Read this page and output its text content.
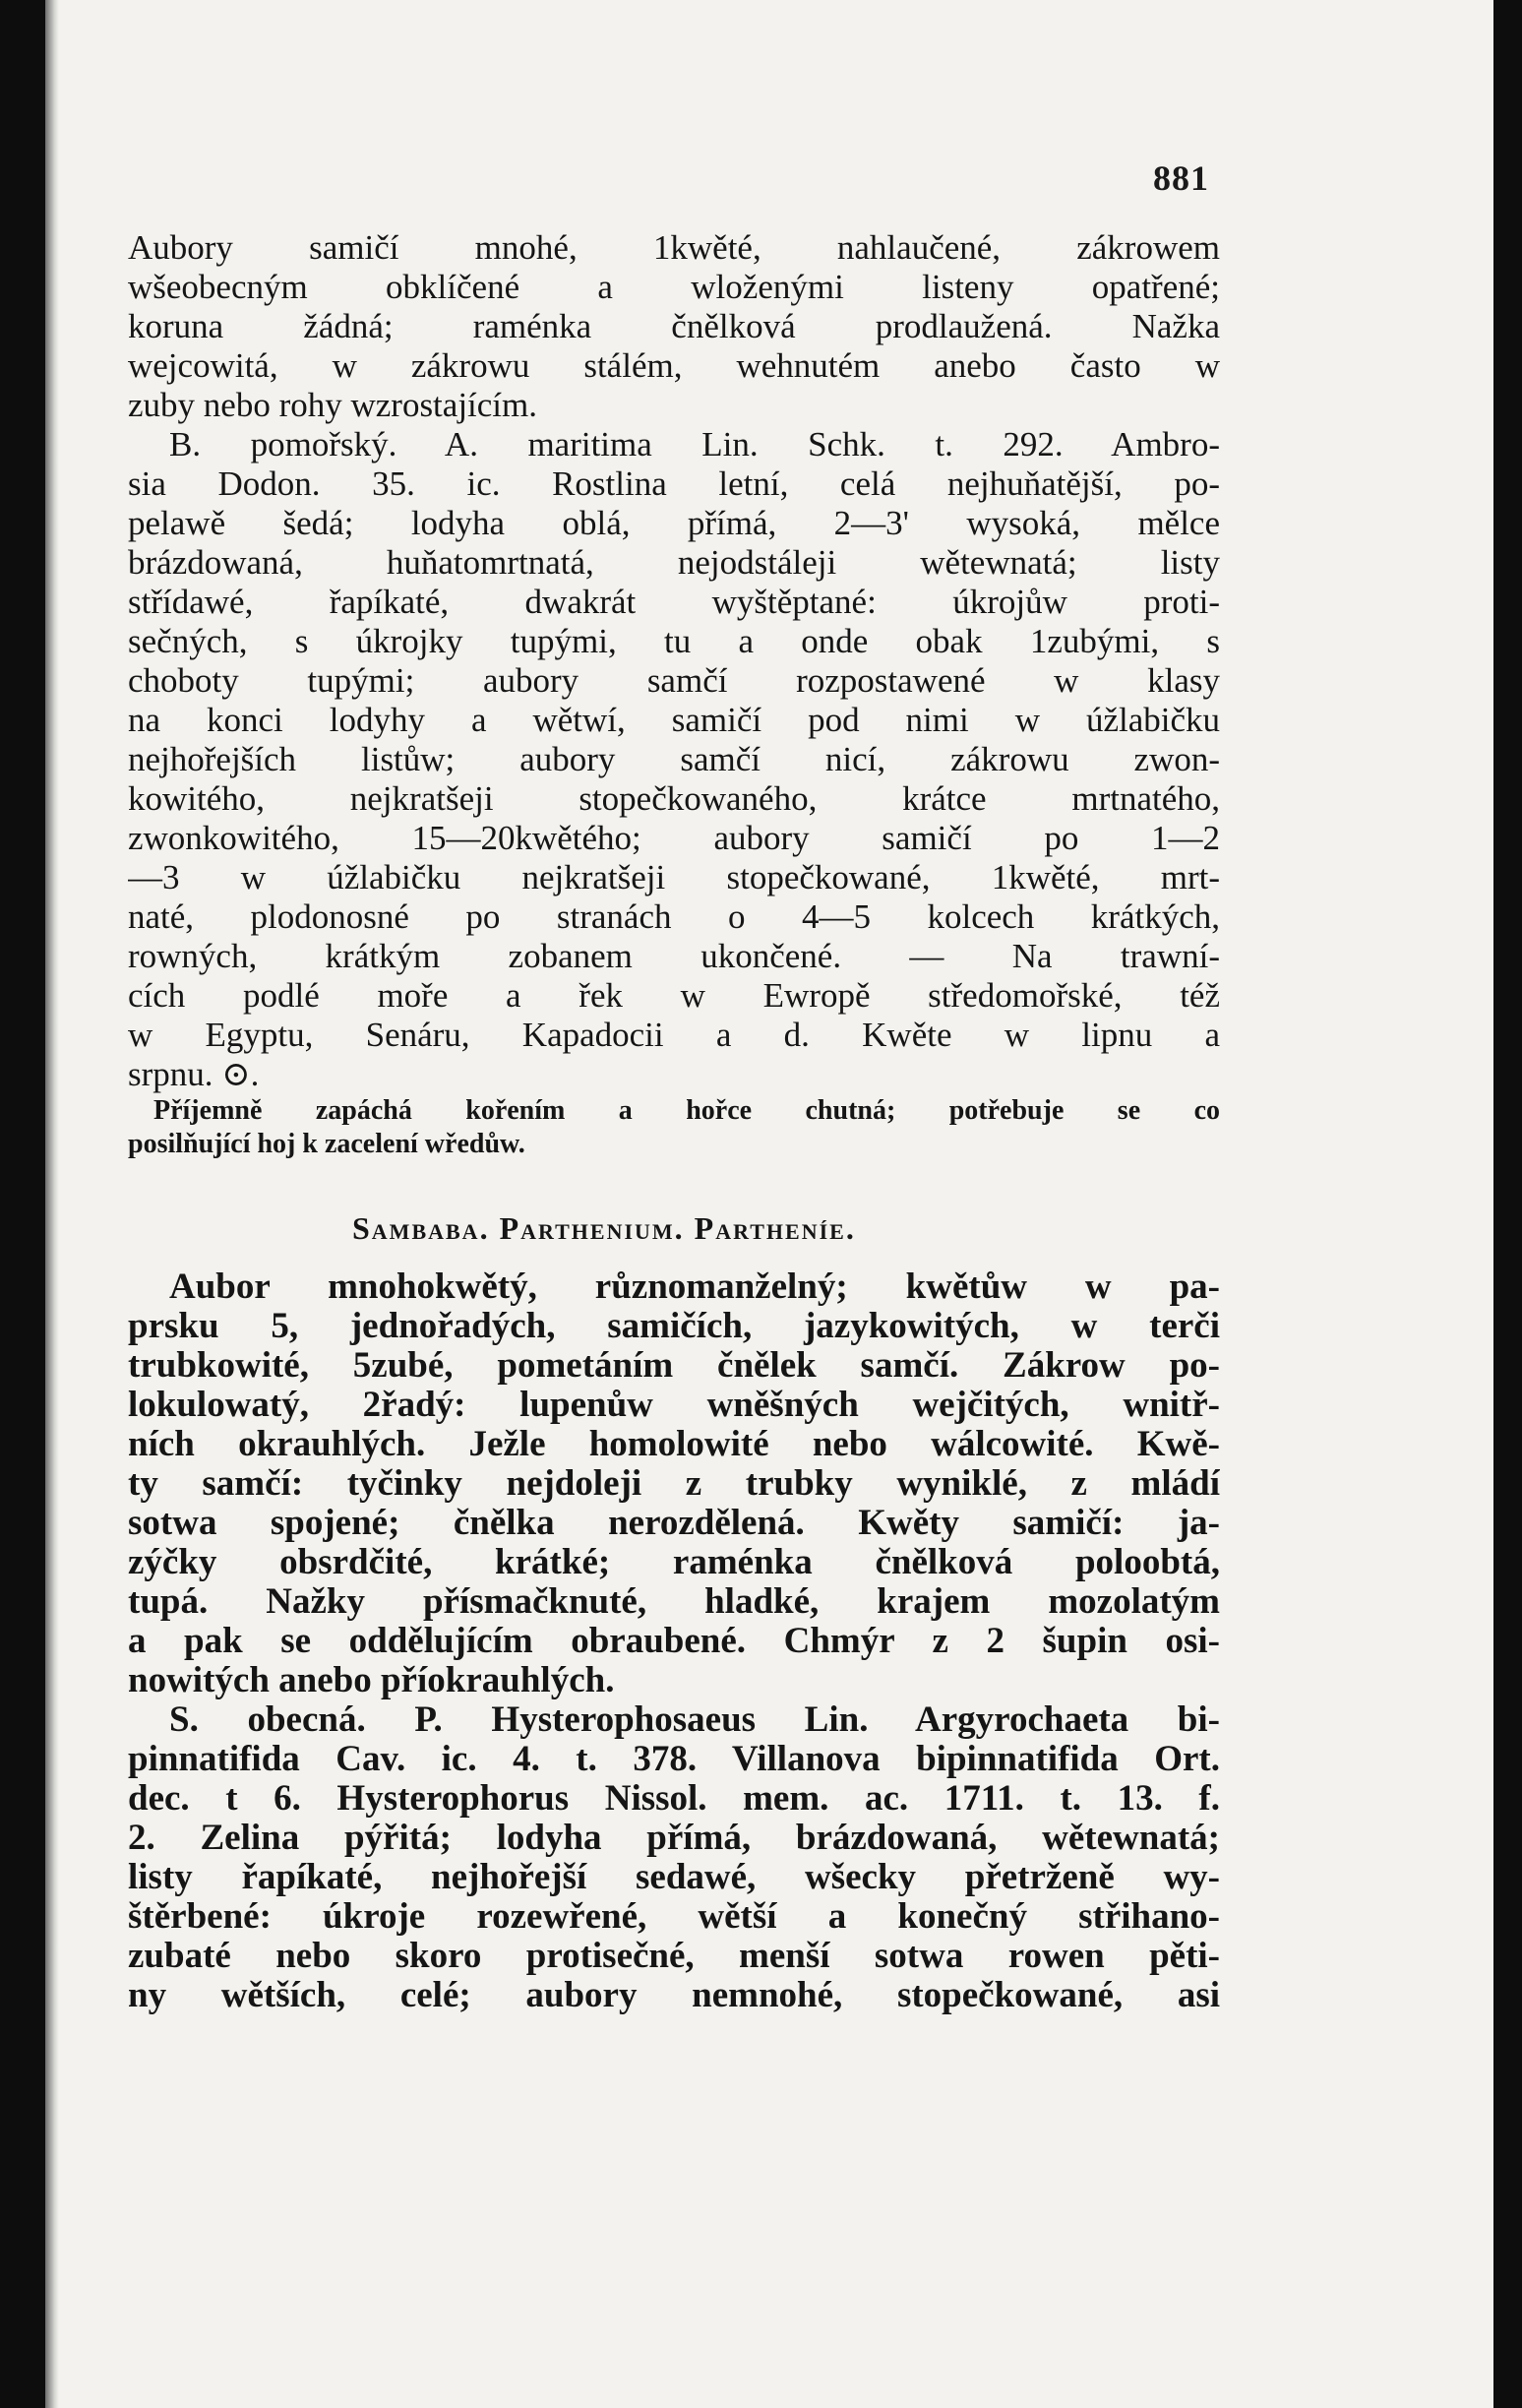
881
Aubory samičí mnohé, 1kwěté, nahlaučené, zákrowem
wšeobecným obklíčené a wloženými listeny opatřené;
koruna žádná; raménka čnělková prodlaužená. Nažka
wejcowitá, w zákrowu stálém, wehnutém anebo často w
zuby nebo rohy wzrostajícím.
B. pomořský. A. maritima Lin. Schk. t. 292. Ambro-
sia Dodon. 35. ic. Rostlina letní, celá nejhuňatější, po-
pelawě šedá; lodyha oblá, přímá, 2—3' wysoká, mělce
brázdowaná, huňatomrtnatá, nejodstáleji wětewnatá; listy
střídawé, řapíkaté, dwakrát wyštěptané: úkrojůw proti-
sečných, s úkrojky tupými, tu a onde obak 1zubými, s
choboty tupými; aubory samčí rozpostawené w klasy
na konci lodyhy a wětwí, samičí pod nimi w úžlabičku
nejhořejších listůw; aubory samčí nicí, zákrowu zwon-
kowitého, nejkratšeji stopečkowaného, krátce mrtnatého,
zwonkowitého, 15—20kwětého; aubory samičí po 1—2
—3 w úžlabičku nejkratšeji stopečkowané, 1kwěté, mrt-
naté, plodonosné po stranách o 4—5 kolcech krátkých,
rowných, krátkým zobanem ukončené. — Na trawní-
cích podlé moře a řek w Ewropě středomořské, též
w Egyptu, Senáru, Kapadocii a d. Kwěte w lipnu a
srpnu. ⊙.
Příjemně zapáchá kořením a hořce chutná; potřebuje se co
posilňující hoj k zacelení wředůw.
Sambaba. Parthenium. Partheníe.
Aubor mnohokwětý, různomanželný; kwětůw w pa-
prsku 5, jednořadých, samičích, jazykowitých, w terči
trubkowité, 5zubé, pometáním čnělek samčí. Zákrow po-
lokulowatý, 2řadý: lupenůw wněšných wejčitých, wnitř-
ních okrauhlých. Ježle homolowité nebo wálcowité. Kwě-
ty samčí: tyčinky nejdoleji z trubky wyniklé, z mládí
sotwa spojené; čnělka nerozdělená. Kwěty samičí: ja-
zýčky obsrdčité, krátké; raménka čnělková poloobtá,
tupá. Nažky přísmačknuté, hladké, krajem mozolatým
a pak se oddělujícím obraubené. Chmýr z 2 šupin osi-
nowitých anebo příokrauhlých.
S. obecná. P. Hysterophosaeus Lin. Argyrochaeta bi-
pinnatifida Cav. ic. 4. t. 378. Villanova bipinnatifida Ort.
dec. t 6. Hysterophorus Nissol. mem. ac. 1711. t. 13. f.
2. Zelina pýřitá; lodyha přímá, brázdowaná, wětewnatá;
listy řapíkaté, nejhořejší sedawé, wšecky přetrženě wy-
štěrbené: úkroje rozewřené, wětší a konečný střihano-
zubaté nebo skoro protisečné, menší sotwa rowen pěti-
ny wětších, celé; aubory nemnohé, stopečkowané, asi
